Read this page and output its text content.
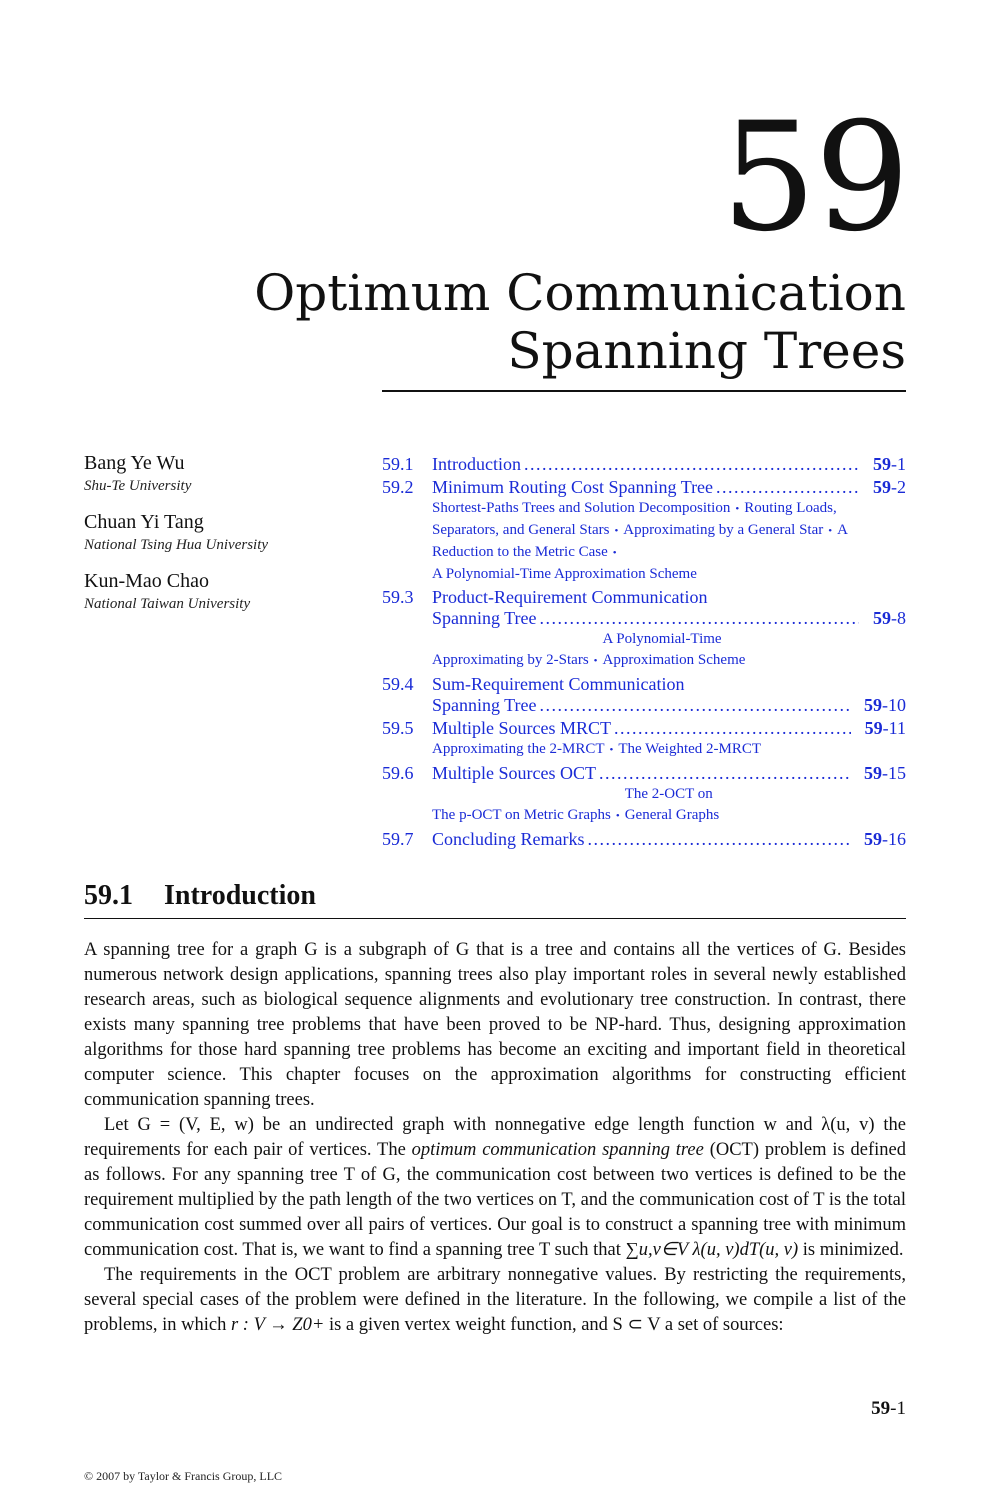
59
Optimum Communication
Spanning Trees
Bang Ye Wu
Shu-Te University
Chuan Yi Tang
National Tsing Hua University
Kun-Mao Chao
National Taiwan University
59.1	Introduction . . .	59-1
59.2	Minimum Routing Cost Spanning Tree . . .	59-2
Shortest-Paths Trees and Solution Decomposition • Routing Loads, Separators, and General Stars • Approximating by a General Star • A Reduction to the Metric Case •
A Polynomial-Time Approximation Scheme
59.3	Product-Requirement Communication
Spanning Tree . . .	59-8
Approximating by 2-Stars •A Polynomial-Time Approximation Scheme
59.4	Sum-Requirement Communication
Spanning Tree . . .	59-10
59.5	Multiple Sources MRCT . . .	59-11
Approximating the 2-MRCT • The Weighted 2-MRCT
59.6	Multiple Sources OCT . . .	59-15
The p-OCT on Metric Graphs •The 2-OCT on General Graphs
59.7	Concluding Remarks . . .	59-16
59.1 Introduction

A spanning tree for a graph G is a subgraph of G that is a tree and contains all the vertices of G. Besides numerous network design applications, spanning trees also play important roles in several newly established research areas, such as biological sequence alignments and evolutionary tree construction. In contrast, there exists many spanning tree problems that have been proved to be NP-hard. Thus, designing approximation algorithms for those hard spanning tree problems has become an exciting and important field in theoretical computer science. This chapter focuses on the approximation algorithms for constructing efficient communication spanning trees.

Let G = (V, E, w) be an undirected graph with nonnegative edge length function w and λ(u, v) the requirements for each pair of vertices. The optimum communication spanning tree (OCT) problem is defined as follows. For any spanning tree T of G, the communication cost between two vertices is defined to be the requirement multiplied by the path length of the two vertices on T, and the communication cost of T is the total communication cost summed over all pairs of vertices. Our goal is to construct a spanning tree with minimum communication cost. That is, we want to find a spanning tree T such that ∑u,v∈V λ(u, v)dT(u, v) is minimized.

The requirements in the OCT problem are arbitrary nonnegative values. By restricting the requirements, several special cases of the problem were defined in the literature. In the following, we compile a list of the problems, in which r : V → Z0+ is a given vertex weight function, and S ⊂ V a set of sources:

59-1
© 2007 by Taylor & Francis Group, LLC
